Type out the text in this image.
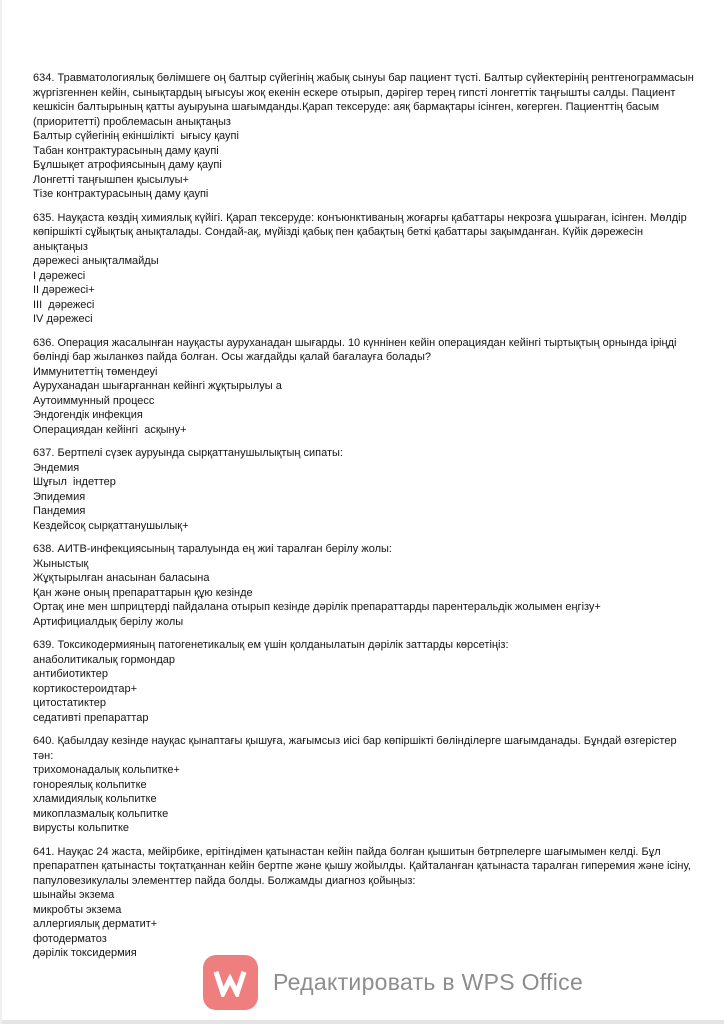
634. Травматологиялық бөлімшеге оң балтыр сүйегінің жабық сынуы бар пациент түсті. Балтыр сүйектерінің рентгенограммасын жүргізгеннен кейін, сынықтардың ығысуы жоқ екенін ескере отырып, дәрігер терең гипсті лонгеттік таңғышты салды. Пациент кешкісін балтырының қатты ауыруына шағымданды.Қарап тексеруде: аяқ бармақтары ісінген, көгерген. Пациенттің басым (приоритетті) проблемасын анықтаңыз

Балтыр сүйегінің екіншілікті  ығысу қаупі
Табан контрактурасының даму қаупі
Бұлшықет атрофиясының даму қаупі
Лонгетті таңғышпен қысылуы+
Тізе контрактурасының даму қаупі

635. Науқаста көздің химиялық күйігі. Қарап тексеруде: конъюнктиваның жоғарғы қабаттары некрозға ұшыраған, ісінген. Мөлдір көпіршікті сұйықтық анықталады. Сондай-ақ, мүйізді қабық пен қабақтың беткі қабаттары зақымданған. Күйік дәрежесін анықтаңыз

дәрежесі анықталмайды
I дәрежесі
II дәрежесі+
III  дәрежесі
IV дәрежесі

636. Операция жасалынған науқасты ауруханадан шығарды. 10 күннінен кейін операциядан кейінгі тыртықтың орнында іріңді бөлінді бар жыланкөз пайда болған. Осы жағдайды қалай бағалауға болады?

Иммунитеттің төмендеуі
Ауруханадан шығарғаннан кейінгі жұқтырылуы а
Аутоиммунный процесс
Эндогендік инфекция
Операциядан кейінгі  асқыну+

637. Бертпелі сүзек ауруында сырқаттанушылықтың сипаты:

Эндемия
Шұғыл  індеттер
Эпидемия
Пандемия
Кездейсоқ сырқаттанушылық+

638. АИТВ-инфекциясының таралуында ең жиі таралған берілу жолы:

Жыныстық
Жұқтырылған анасынан баласына
Қан және оның препараттарын құю кезінде
Ортақ ине мен шприцтерді пайдалана отырып кезінде дәрілік препараттарды парентеральдік жолымен еңгізу+
Артифициалдық берілу жолы

639. Токсикодермияның патогенетикалық ем үшін қолданылатын дәрілік заттарды көрсетіңіз:

анаболитикалық гормондар
антибиотиктер
кортикостероидтар+
цитостатиктер
седативті препараттар

640. Қабылдау кезінде науқас қынаптағы қышуға, жағымсыз иісі бар көпіршікті бөлінділерге шағымданады. Бұндай өзгерістер тән:

трихомонадалық кольпитке+
гонореялық кольпитке
хламидиялық кольпитке
микоплазмалық кольпитке
вирусты кольпитке

641. Науқас 24 жаста, мейірбике, ерітіндімен қатынастан кейін пайда болған қышитын бөтрпелерге шағымымен келді. Бұл препаратпен қатынасты тоқтатқаннан кейін бертпе және қышу жойылды. Қайталанған қатынаста таралған гиперемия және ісіну, папуловезикулалы элементтер пайда болды. Болжамды диагноз қойыңыз:

шынайы экзема
микробты экзема
аллергиялық дерматит+
фотодерматоз
дәрілік токсидермия
Редактировать в WPS Office
